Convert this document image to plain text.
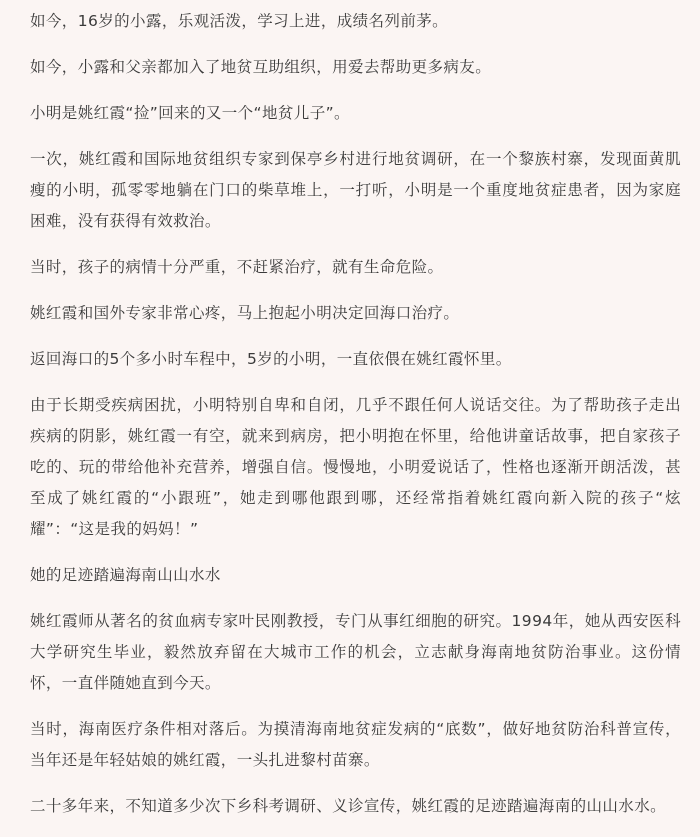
如今，16岁的小露，乐观活泼，学习上进，成绩名列前茅。

如今，小露和父亲都加入了地贫互助组织，用爱去帮助更多病友。

小明是姚红霞“捡”回来的又一个“地贫儿子”。

一次，姚红霞和国际地贫组织专家到保亭乡村进行地贫调研，在一个黎族村寨，发现面黄肌瘦的小明，孤零零地躺在门口的柴草堆上，一打听，小明是一个重度地贫症患者，因为家庭困难，没有获得有效救治。

当时，孩子的病情十分严重，不赶紧治疗，就有生命危险。

姚红霞和国外专家非常心疼，马上抱起小明决定回海口治疗。

返回海口的5个多小时车程中，5岁的小明，一直依偎在姚红霞怀里。

由于长期受疾病困扰，小明特别自卑和自闭，几乎不跟任何人说话交往。为了帮助孩子走出疾病的阴影，姚红霞一有空，就来到病房，把小明抱在怀里，给他讲童话故事，把自家孩子吃的、玩的带给他补充营养，增强自信。慢慢地，小明爱说话了，性格也逐渐开朗活泼，甚至成了姚红霞的“小跟班”，她走到哪他跟到哪，还经常指着姚红霞向新入院的孩子“炫耀”：“这是我的妈妈！”

她的足迹踏遍海南山山水水

姚红霞师从著名的贫血病专家叶民刚教授，专门从事红细胞的研究。1994年，她从西安医科大学研究生毕业，毅然放弃留在大城市工作的机会，立志献身海南地贫防治事业。这份情怀，一直伴随她直到今天。

当时，海南医疗条件相对落后。为摸清海南地贫症发病的“底数”，做好地贫防治科普宣传，当年还是年轻姑娘的姚红霞，一头扎进黎村苗寨。

二十多年来，不知道多少次下乡科考调研、义诊宣传，姚红霞的足迹踏遍海南的山山水水。
